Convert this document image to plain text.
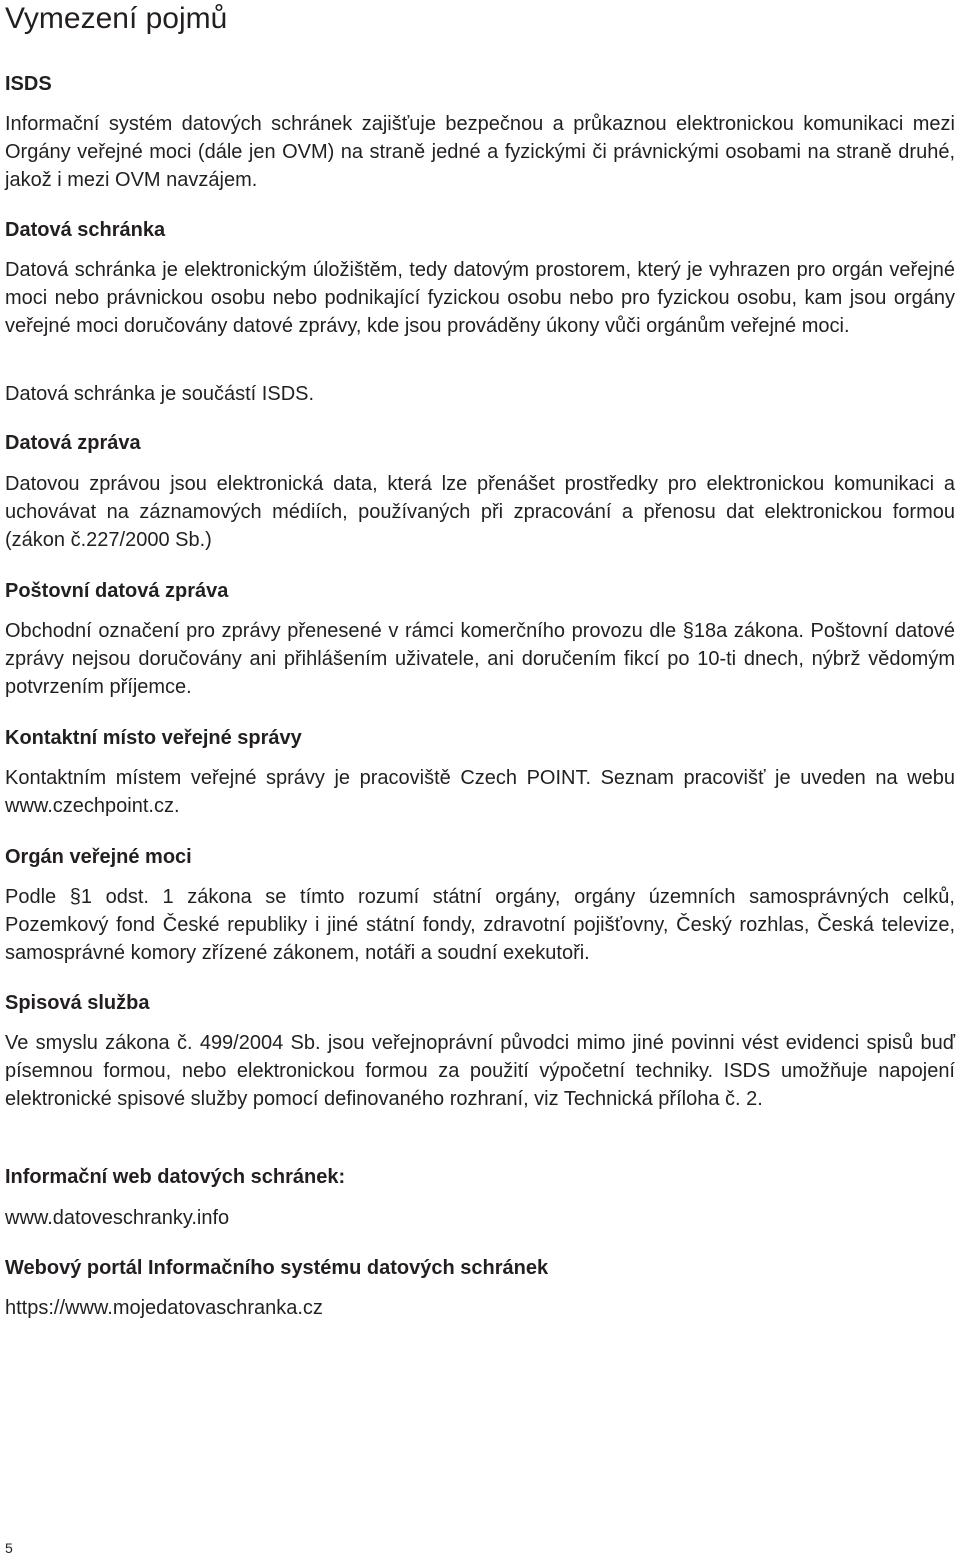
Vymezení pojmů
ISDS

Informační systém datových schránek zajišťuje bezpečnou a průkaznou elektronickou komunikaci mezi Orgány veřejné moci (dále jen OVM) na straně jedné a fyzickými či právnickými osobami na straně druhé, jakož i mezi OVM navzájem.

Datová schránka

Datová schránka je elektronickým úložištěm, tedy datovým prostorem, který je vyhrazen pro orgán veřejné moci nebo právnickou osobu nebo podnikající fyzickou osobu nebo pro fyzickou osobu, kam jsou orgány veřejné moci doručovány datové zprávy, kde jsou prováděny úkony vůči orgánům veřejné moci.

Datová schránka je součástí ISDS.

Datová zpráva

Datovou zprávou jsou elektronická data, která lze přenášet prostředky pro elektronickou komunikaci a uchovávat na záznamových médiích, používaných při zpracování a přenosu dat elektronickou formou (zákon č.227/2000 Sb.)

Poštovní datová zpráva

Obchodní označení pro zprávy přenesené v rámci komerčního provozu dle §18a zákona. Poštovní datové zprávy nejsou doručovány ani přihlášením uživatele, ani doručením fikcí po 10-ti dnech, nýbrž vědomým potvrzením příjemce.

Kontaktní místo veřejné správy

Kontaktním místem veřejné správy je pracoviště Czech POINT. Seznam pracovišť je uveden na webu www.czechpoint.cz.

Orgán veřejné moci

Podle §1 odst. 1 zákona se tímto rozumí státní orgány, orgány územních samosprávných celků, Pozemkový fond České republiky i jiné státní fondy, zdravotní pojišťovny, Český rozhlas, Česká televize, samosprávné komory zřízené zákonem, notáři a soudní exekutoři.

Spisová služba

Ve smyslu zákona č. 499/2004 Sb. jsou veřejnoprávní původci mimo jiné povinni vést evidenci spisů buď písemnou formou, nebo elektronickou formou za použití výpočetní techniky. ISDS umožňuje napojení elektronické spisové služby pomocí definovaného rozhraní, viz Technická příloha č. 2.

Informační web datových schránek:

www.datoveschranky.info

Webový portál Informačního systému datových schránek

https://www.mojedatovaschranka.cz

5
